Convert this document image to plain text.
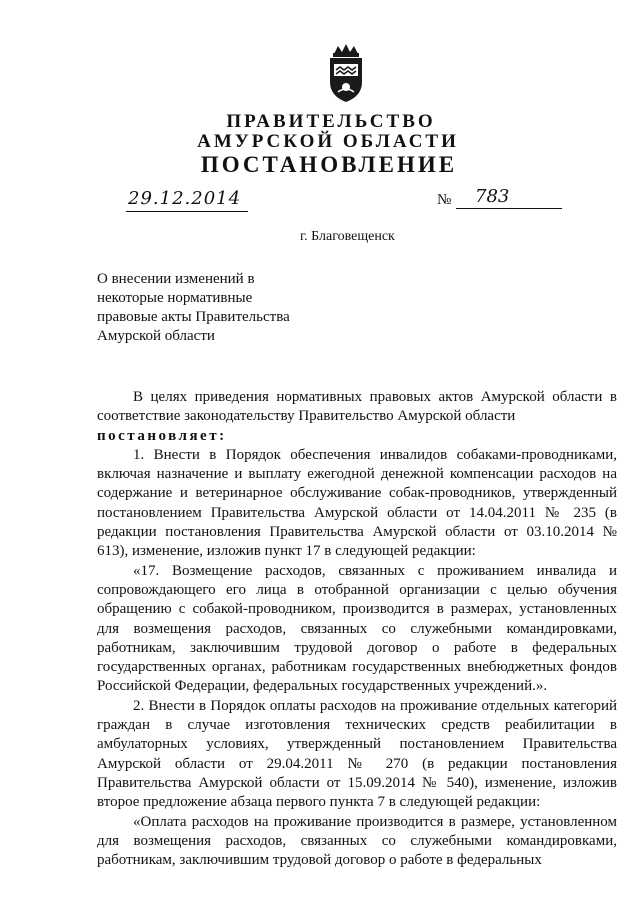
ПРАВИТЕЛЬСТВО
АМУРСКОЙ ОБЛАСТИ
ПОСТАНОВЛЕНИЕ
29.12.2014	№ 783
г. Благовещенск
О внесении изменений в
некоторые нормативные
правовые акты Правительства
Амурской области

В целях приведения нормативных правовых актов Амурской области в соответствие законодательству Правительство Амурской области

постановляет:

1. Внести в Порядок обеспечения инвалидов собаками-проводниками, включая назначение и выплату ежегодной денежной компенсации расходов на содержание и ветеринарное обслуживание собак-проводников, утвержденный постановлением Правительства Амурской области от 14.04.2011 № 235 (в редакции постановления Правительства Амурской области от 03.10.2014 № 613), изменение, изложив пункт 17 в следующей редакции:

«17. Возмещение расходов, связанных с проживанием инвалида и сопровождающего его лица в отобранной организации с целью обучения обращению с собакой-проводником, производится в размерах, установленных для возмещения расходов, связанных со служебными командировками, работникам, заключившим трудовой договор о работе в федеральных государственных органах, работникам государственных внебюджетных фондов Российской Федерации, федеральных государственных учреждений.».

2. Внести в Порядок оплаты расходов на проживание отдельных категорий граждан в случае изготовления технических средств реабилитации в амбулаторных условиях, утвержденный постановлением Правительства Амурской области от 29.04.2011 № 270 (в редакции постановления Правительства Амурской области от 15.09.2014 № 540), изменение, изложив второе предложение абзаца первого пункта 7 в следующей редакции:

«Оплата расходов на проживание производится в размере, установленном для возмещения расходов, связанных со служебными командировками, работникам, заключившим трудовой договор о работе в федеральных
